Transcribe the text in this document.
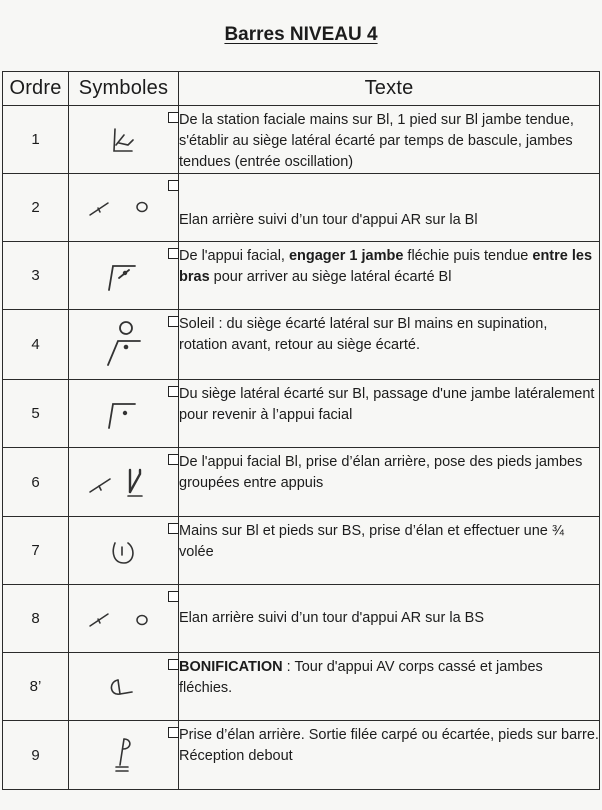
Barres NIVEAU 4
Ordre	Symboles	Texte
1		De la station faciale mains sur Bl, 1 pied sur Bl jambe tendue, s'établir au siège latéral écarté par temps de bascule, jambes tendues (entrée oscillation)
2		Elan arrière suivi d’un tour d'appui AR sur la Bl
3		De l'appui facial, engager 1 jambe fléchie puis tendue entre les bras pour arriver au siège latéral écarté Bl
4		Soleil : du siège écarté latéral sur Bl mains en supination, rotation avant, retour au siège écarté.
5		Du siège latéral écarté sur Bl, passage d'une jambe latéralement pour revenir à l’appui facial
6		De l'appui facial Bl, prise d’élan arrière, pose des pieds jambes groupées entre appuis
7		Mains sur Bl et pieds sur BS, prise d’élan et effectuer une ¾ volée
8		Elan arrière suivi d’un tour d'appui AR sur la BS
8’		BONIFICATION : Tour d'appui AV corps cassé et jambes fléchies.
9		Prise d’élan arrière. Sortie filée carpé ou écartée, pieds sur barre. Réception debout
